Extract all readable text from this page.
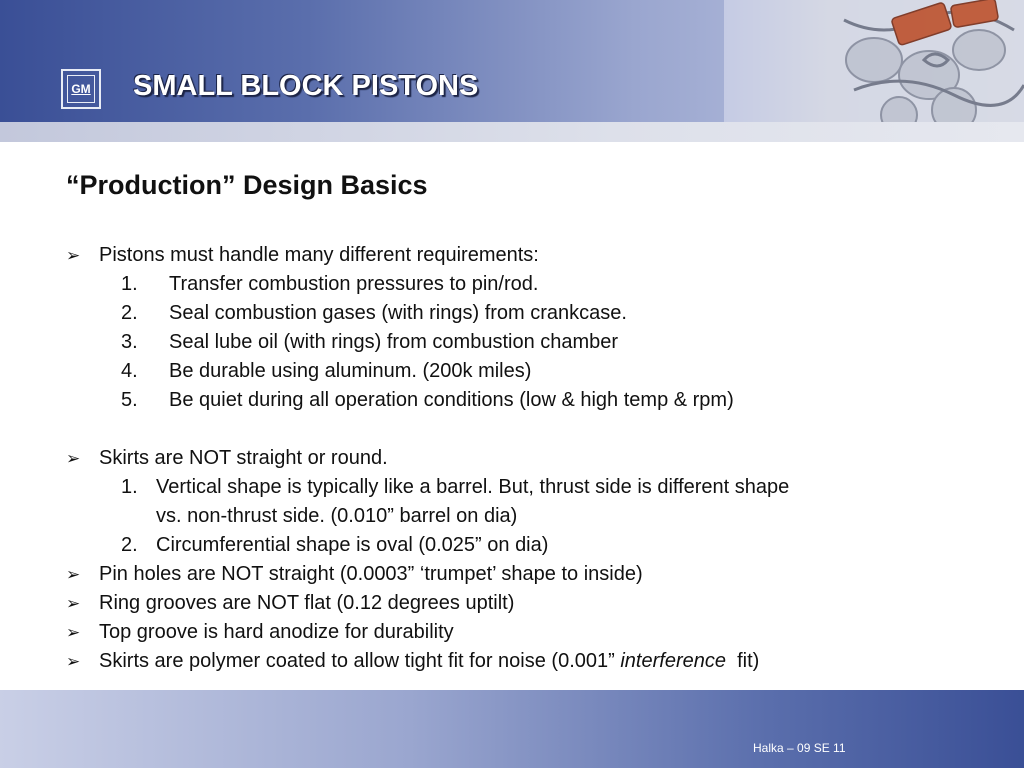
GM SMALL BLOCK PISTONS
“Production” Design Basics
➢ Pistons must handle many different requirements:
1.	Transfer combustion pressures to pin/rod.
2.	Seal combustion gases (with rings) from crankcase.
3.	Seal lube oil (with rings) from combustion chamber
4.	Be durable using aluminum. (200k miles)
5.	Be quiet during all operation conditions (low & high temp & rpm)
➢ Skirts are NOT straight or round.
1. Vertical shape is typically like a barrel. But, thrust side is different shape
vs. non-thrust side. (0.010” barrel on dia)
2. Circumferential shape is oval (0.025” on dia)
➢ Pin holes are NOT straight (0.0003” ‘trumpet’ shape to inside)
➢ Ring grooves are NOT flat (0.12 degrees uptilt)
➢ Top groove is hard anodize for durability
➢ Skirts are polymer coated to allow tight fit for noise (0.001” interference  fit)
Halka – 09 SE 11
